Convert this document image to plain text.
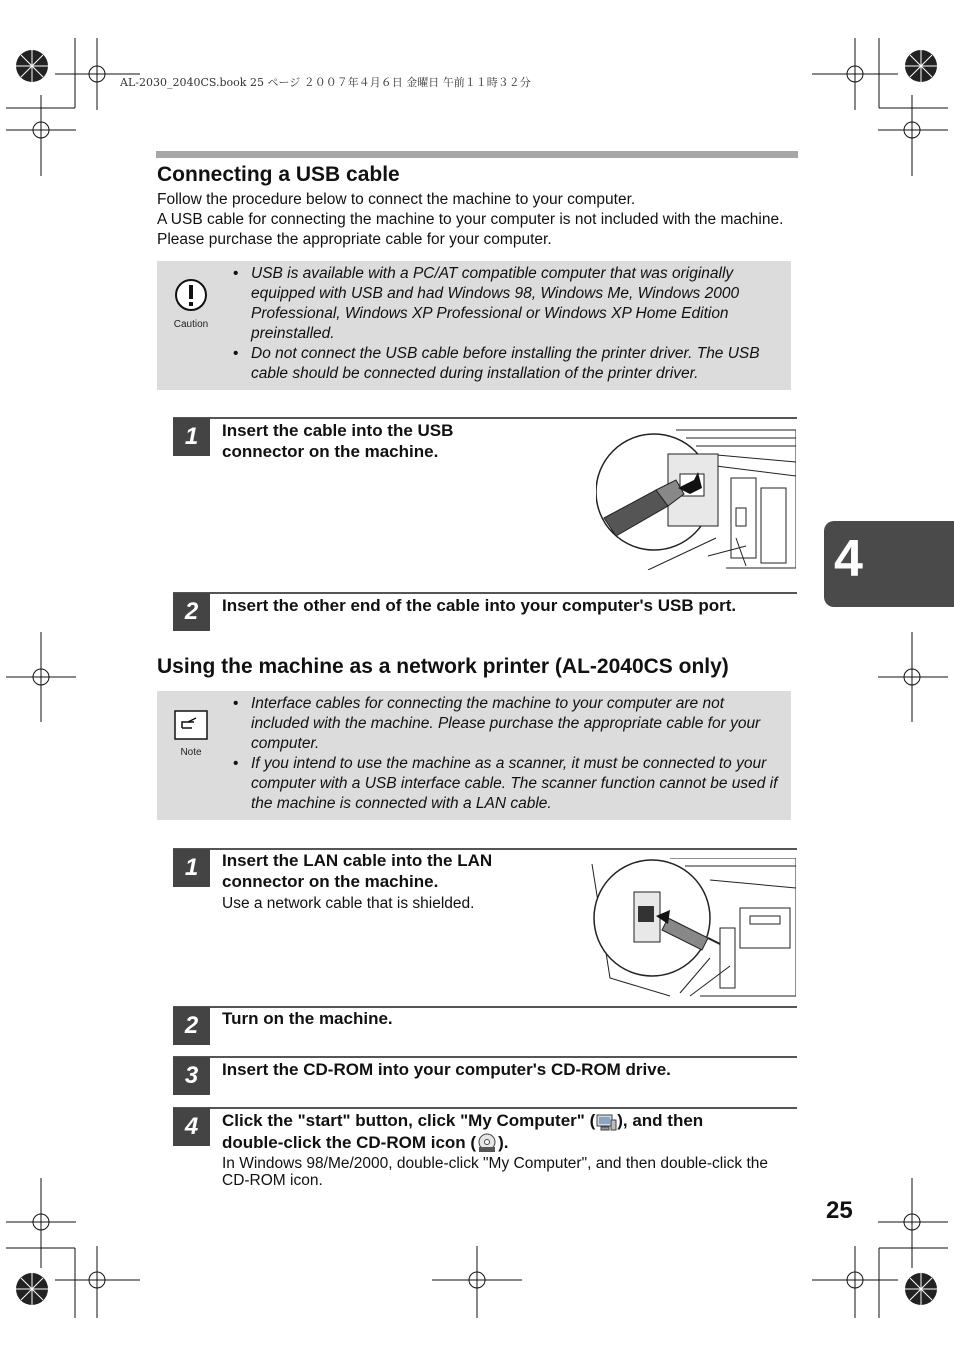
AL-2030_2040CS.book 25 ページ ２００７年４月６日 金曜日 午前１１時３２分
Connecting a USB cable
Follow the procedure below to connect the machine to your computer.
A USB cable for connecting the machine to your computer is not included with the machine. Please purchase the appropriate cable for your computer.
Caution
• USB is available with a PC/AT compatible computer that was originally equipped with USB and had Windows 98, Windows Me, Windows 2000 Professional, Windows XP Professional or Windows XP Home Edition preinstalled.
• Do not connect the USB cable before installing the printer driver. The USB cable should be connected during installation of the printer driver.
1	Insert the cable into the USB
connector on the machine.
2	Insert the other end of the cable into your computer's USB port.
4
Using the machine as a network printer (AL-2040CS only)
Note
• Interface cables for connecting the machine to your computer are not included with the machine. Please purchase the appropriate cable for your computer.
• If you intend to use the machine as a scanner, it must be connected to your computer with a USB interface cable. The scanner function cannot be used if the machine is connected with a LAN cable.
1	Insert the LAN cable into the LAN
connector on the machine.
Use a network cable that is shielded.
2	Turn on the machine.
3	Insert the CD-ROM into your computer's CD-ROM drive.
4	Click the "start" button, click "My Computer" ( ), and then
double-click the CD-ROM icon ( ).
In Windows 98/Me/2000, double-click "My Computer", and then double-click the CD-ROM icon.
25
